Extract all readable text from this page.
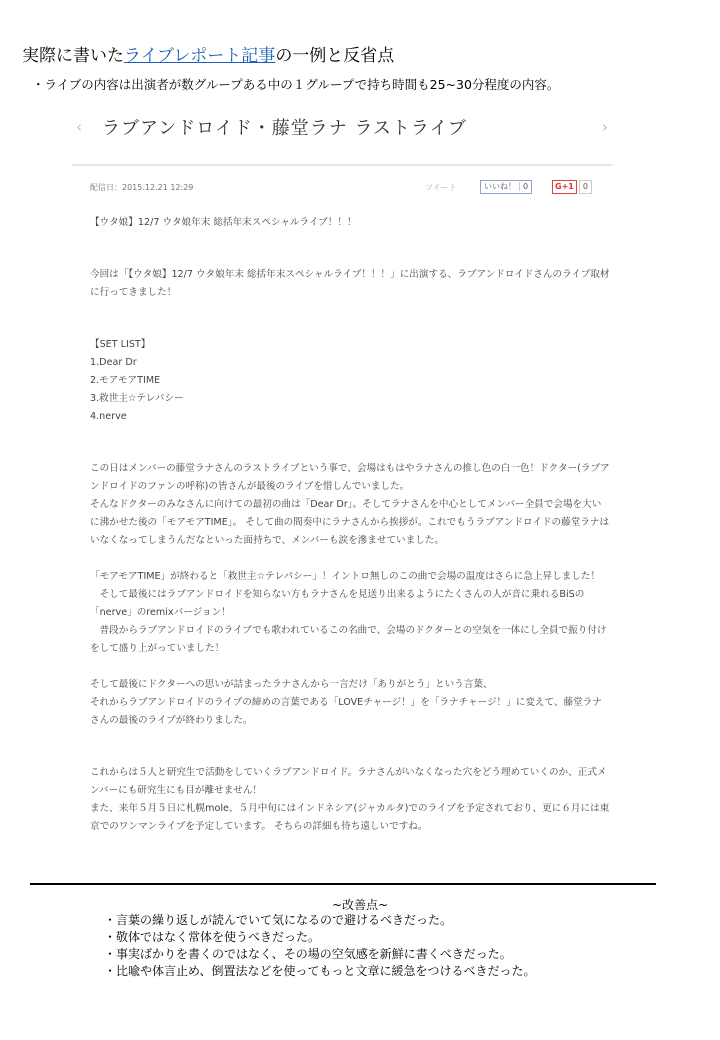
実際に書いたライブレポート記事の一例と反省点
・ライブの内容は出演者が数グループある中の１グループで持ち時間も25~30分程度の内容。
‹ ラブアンドロイド・藤堂ラナ ラストライブ	›
配信日：2015.12.21 12:29	ツイート	いいね！ 0	G+1 0

【ウタ娘】12/7 ウタ娘年末 総括年末スペシャルライブ！！！

今回は「【ウタ娘】12/7 ウタ娘年末 総括年末スペシャルライブ！！！」に出演する、ラブアンドロイドさんのライブ取材に行ってきました！

【SET LIST】

1.Dear Dr

2.モアモアTIME

3.救世主☆テレパシー

4.nerve

この日はメンバーの藤堂ラナさんのラストライブという事で、会場はもはやラナさんの推し色の白一色！ドクター(ラブアンドロイドのファンの呼称)の皆さんが最後のライブを惜しんでいました。

そんなドクターのみなさんに向けての最初の曲は「Dear Dr」。そしてラナさんを中心としてメンバー全員で会場を大いに沸かせた後の「モアモアTIME」。 そして曲の間奏中にラナさんから挨拶が。これでもうラブアンドロイドの藤堂ラナはいなくなってしまうんだなといった面持ちで、メンバーも涙を滲ませていました。

「モアモアTIME」が終わると「救世主☆テレパシー」！イントロ無しのこの曲で会場の温度はさらに急上昇しました！

　そして最後にはラブアンドロイドを知らない方もラナさんを見送り出来るようにたくさんの人が音に乗れるBiSの「nerve」のremixバージョン！

　普段からラブアンドロイドのライブでも歌われているこの名曲で、会場のドクターとの空気を一体にし全員で振り付けをして盛り上がっていました！

そして最後にドクターへの思いが詰まったラナさんから一言だけ「ありがとう」という言葉、

それからラブアンドロイドのライブの締めの言葉である「LOVEチャージ！」を「ラナチャージ！」に変えて、藤堂ラナさんの最後のライブが終わりました。

これからは５人と研究生で活動をしていくラブアンドロイド。ラナさんがいなくなった穴をどう埋めていくのか、正式メンバーにも研究生にも目が離せません！

また、来年５月５日に札幌mole、５月中旬にはインドネシア(ジャカルタ)でのライブを予定されており、更に６月には東京でのワンマンライブを予定しています。 そちらの詳細も待ち遠しいですね。

~改善点~
・言葉の繰り返しが読んでいて気になるので避けるべきだった。
・敬体ではなく常体を使うべきだった。
・事実ばかりを書くのではなく、その場の空気感を新鮮に書くべきだった。
・比喩や体言止め、倒置法などを使ってもっと文章に緩急をつけるべきだった。
